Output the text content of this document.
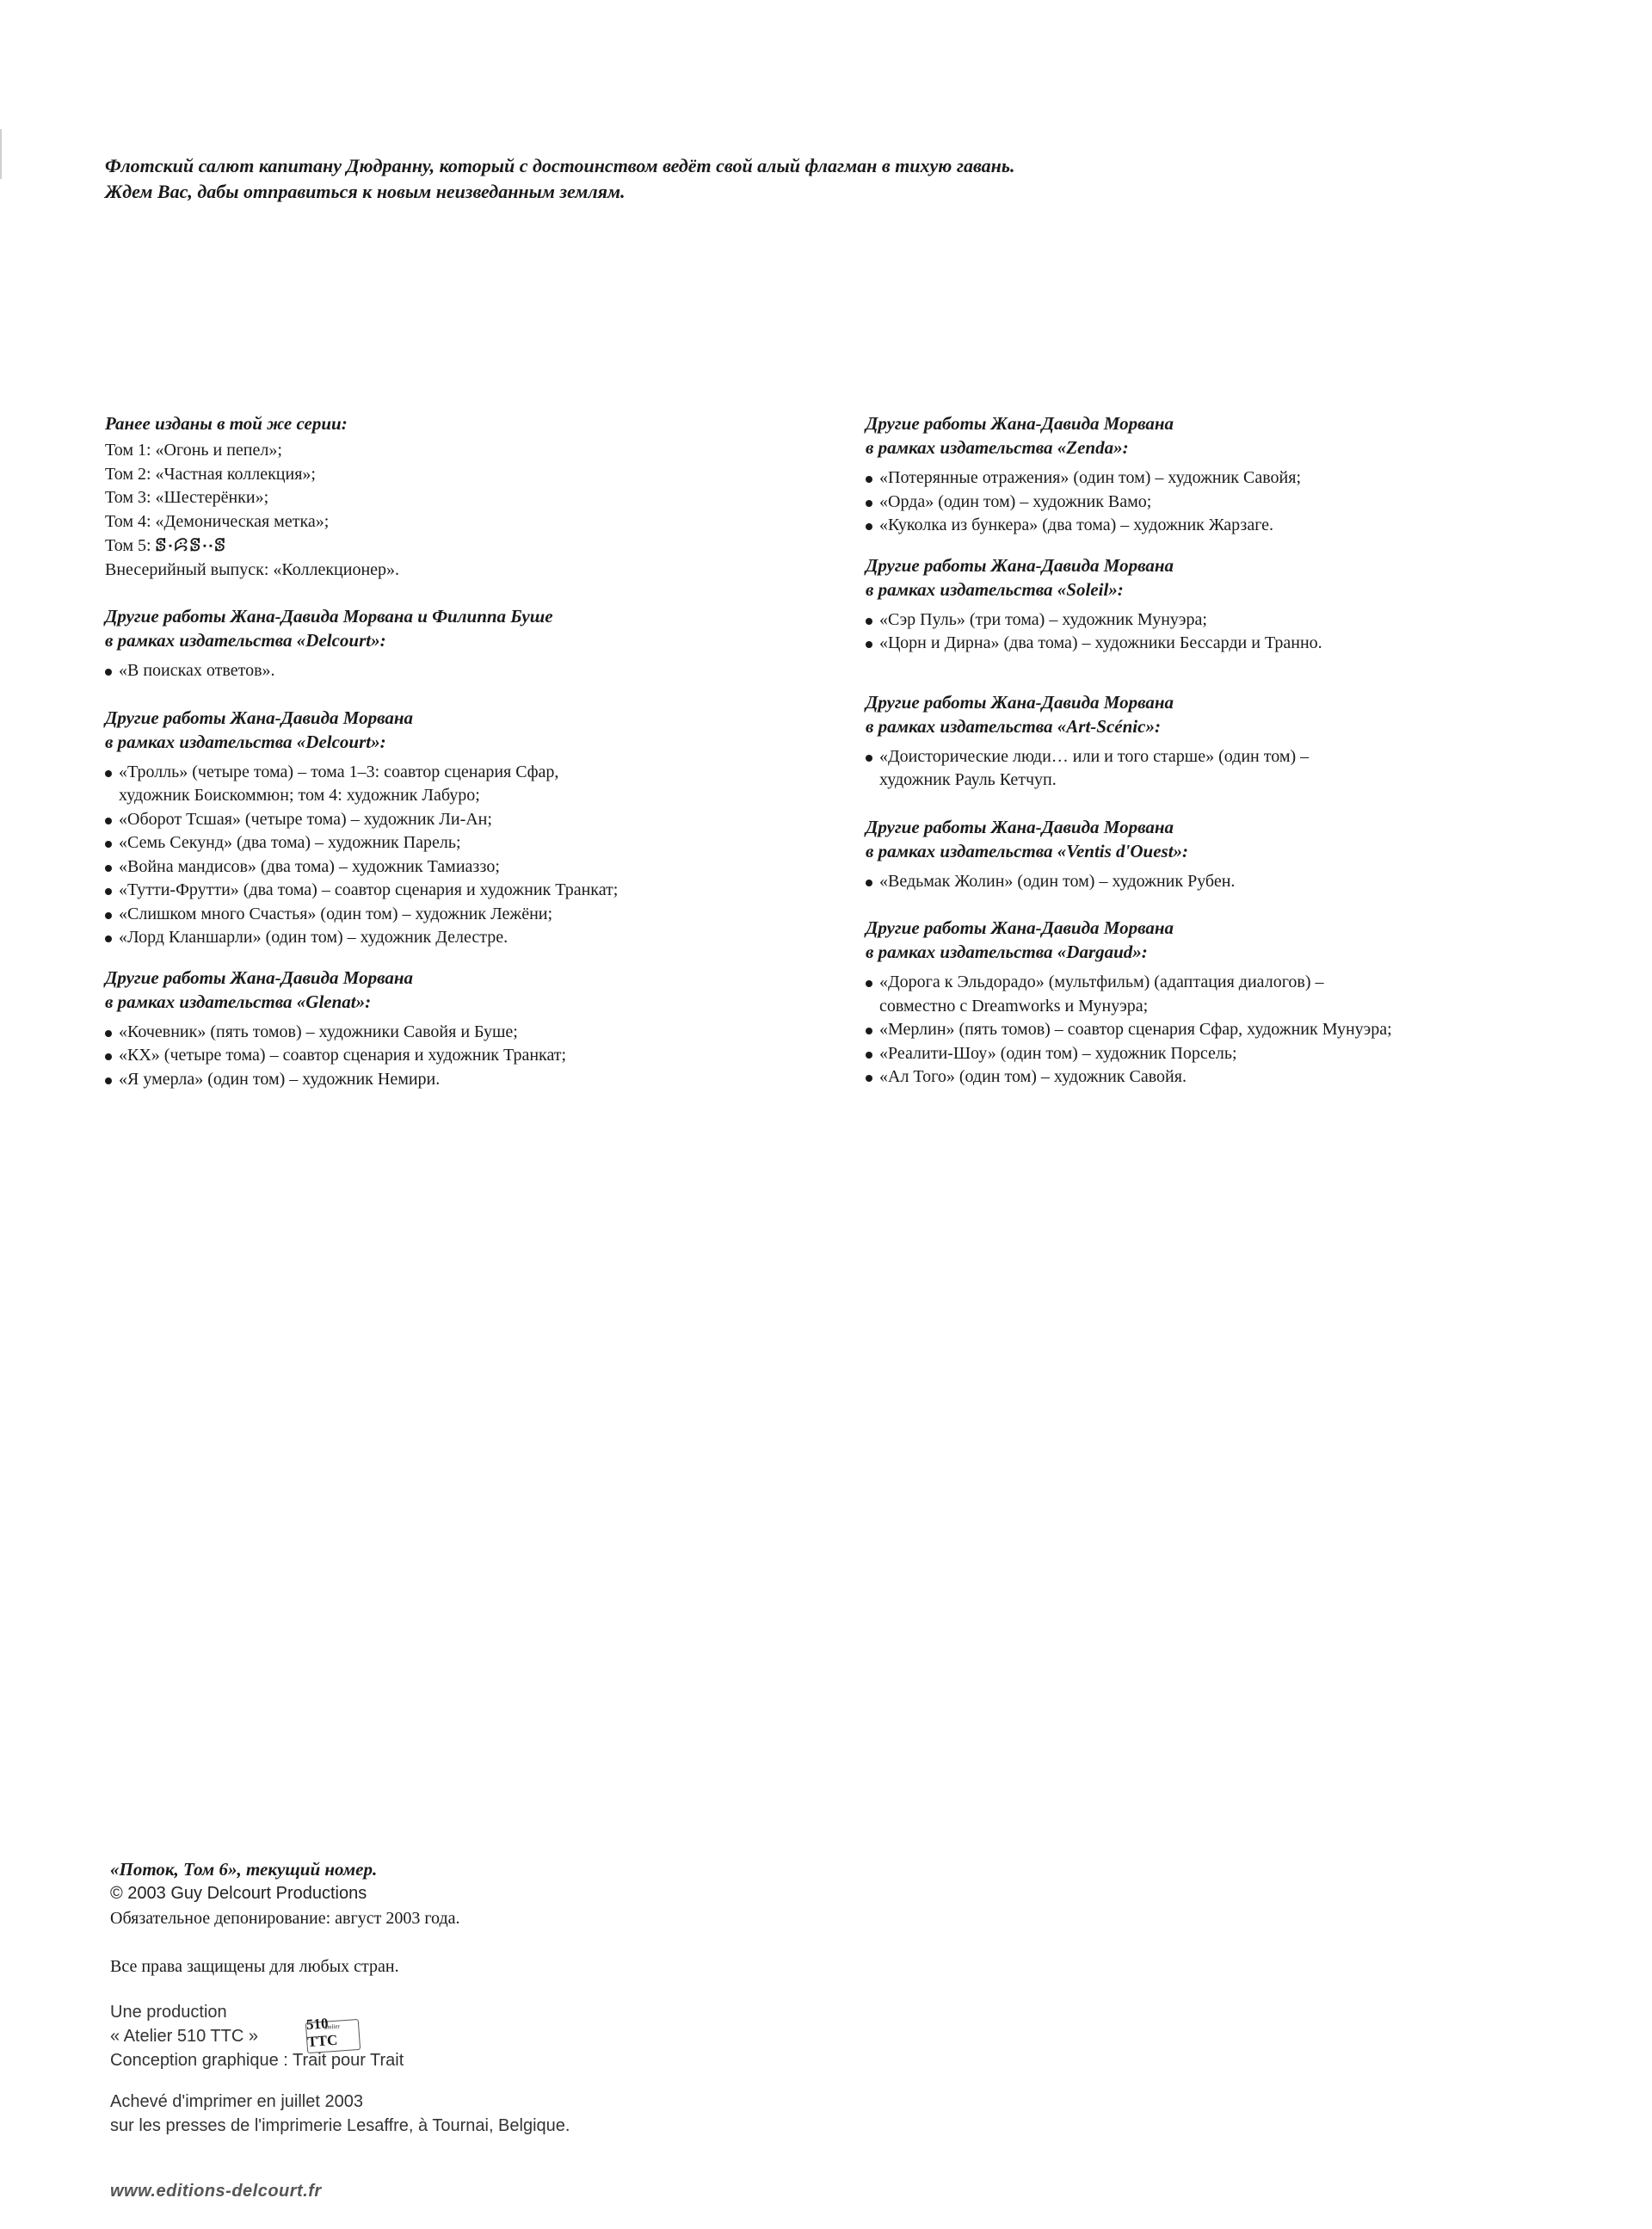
Флотский салют капитану Дюдранну, который с достоинством ведёт свой алый флагман в тихую гавань.
Ждем Вас, дабы отправиться к новым неизведанным землям.
Ранее изданы в той же серии:
Том 1: «Огонь и пепел»;
Том 2: «Частная коллекция»;
Том 3: «Шестерёнки»;
Том 4: «Демоническая метка»;
Том 5: ꕷ⸱ꕸꕷ⸱⸱ꕷ
Внесерийный выпуск: «Коллекционер».
Другие работы Жана-Давида Морвана и Филиппа Буше
в рамках издательства «Delcourt»:
«В поисках ответов».
Другие работы Жана-Давида Морвана
в рамках издательства «Delcourt»:
«Тролль» (четыре тома) – тома 1–3: соавтор сценария Сфар,
художник Боискоммюн; том 4: художник Лабуро;
«Оборот Тсшая» (четыре тома) – художник Ли-Ан;
«Семь Секунд» (два тома) – художник Парель;
«Война мандисов» (два тома) – художник Тамиаззо;
«Тутти-Фрутти» (два тома) – соавтор сценария и художник Транкат;
«Слишком много Счастья» (один том) – художник Лежёни;
«Лорд Кланшарли» (один том) – художник Делестре.
Другие работы Жана-Давида Морвана
в рамках издательства «Glenat»:
«Кочевник» (пять томов) – художники Савойя и Буше;
«КХ» (четыре тома) – соавтор сценария и художник Транкат;
«Я умерла» (один том) – художник Немири.
Другие работы Жана-Давида Морвана
в рамках издательства «Zenda»:
«Потерянные отражения» (один том) – художник Савойя;
«Орда» (один том) – художник Вамо;
«Куколка из бункера» (два тома) – художник Жарзаге.
Другие работы Жана-Давида Морвана
в рамках издательства «Soleil»:
«Сэр Пуль» (три тома) – художник Мунуэра;
«Цорн и Дирна» (два тома) – художники Бессарди и Транно.
Другие работы Жана-Давида Морвана
в рамках издательства «Art-Scénic»:
«Доисторические люди… или и того старше» (один том) –
художник Рауль Кетчуп.
Другие работы Жана-Давида Морвана
в рамках издательства «Ventis d'Ouest»:
«Ведьмак Жолин» (один том) – художник Рубен.
Другие работы Жана-Давида Морвана
в рамках издательства «Dargaud»:
«Дорога к Эльдорадо» (мультфильм) (адаптация диалогов) –
совместно с Dreamworks и Мунуэра;
«Мерлин» (пять томов) – соавтор сценария Сфар, художник Мунуэра;
«Реалити-Шоу» (один том) – художник Порсель;
«Ал Того» (один том) – художник Савойя.
«Поток, Том 6», текущий номер.
© 2003 Guy Delcourt Productions
Обязательное депонирование: август 2003 года.
Все права защищены для любых стран.
Une production
« Atelier 510 TTC »
Conception graphique : Trait pour Trait
Achevé d'imprimer en juillet 2003
sur les presses de l'imprimerie Lesaffre, à Tournai, Belgique.
atelier
510 TTC
www.editions-delcourt.fr
